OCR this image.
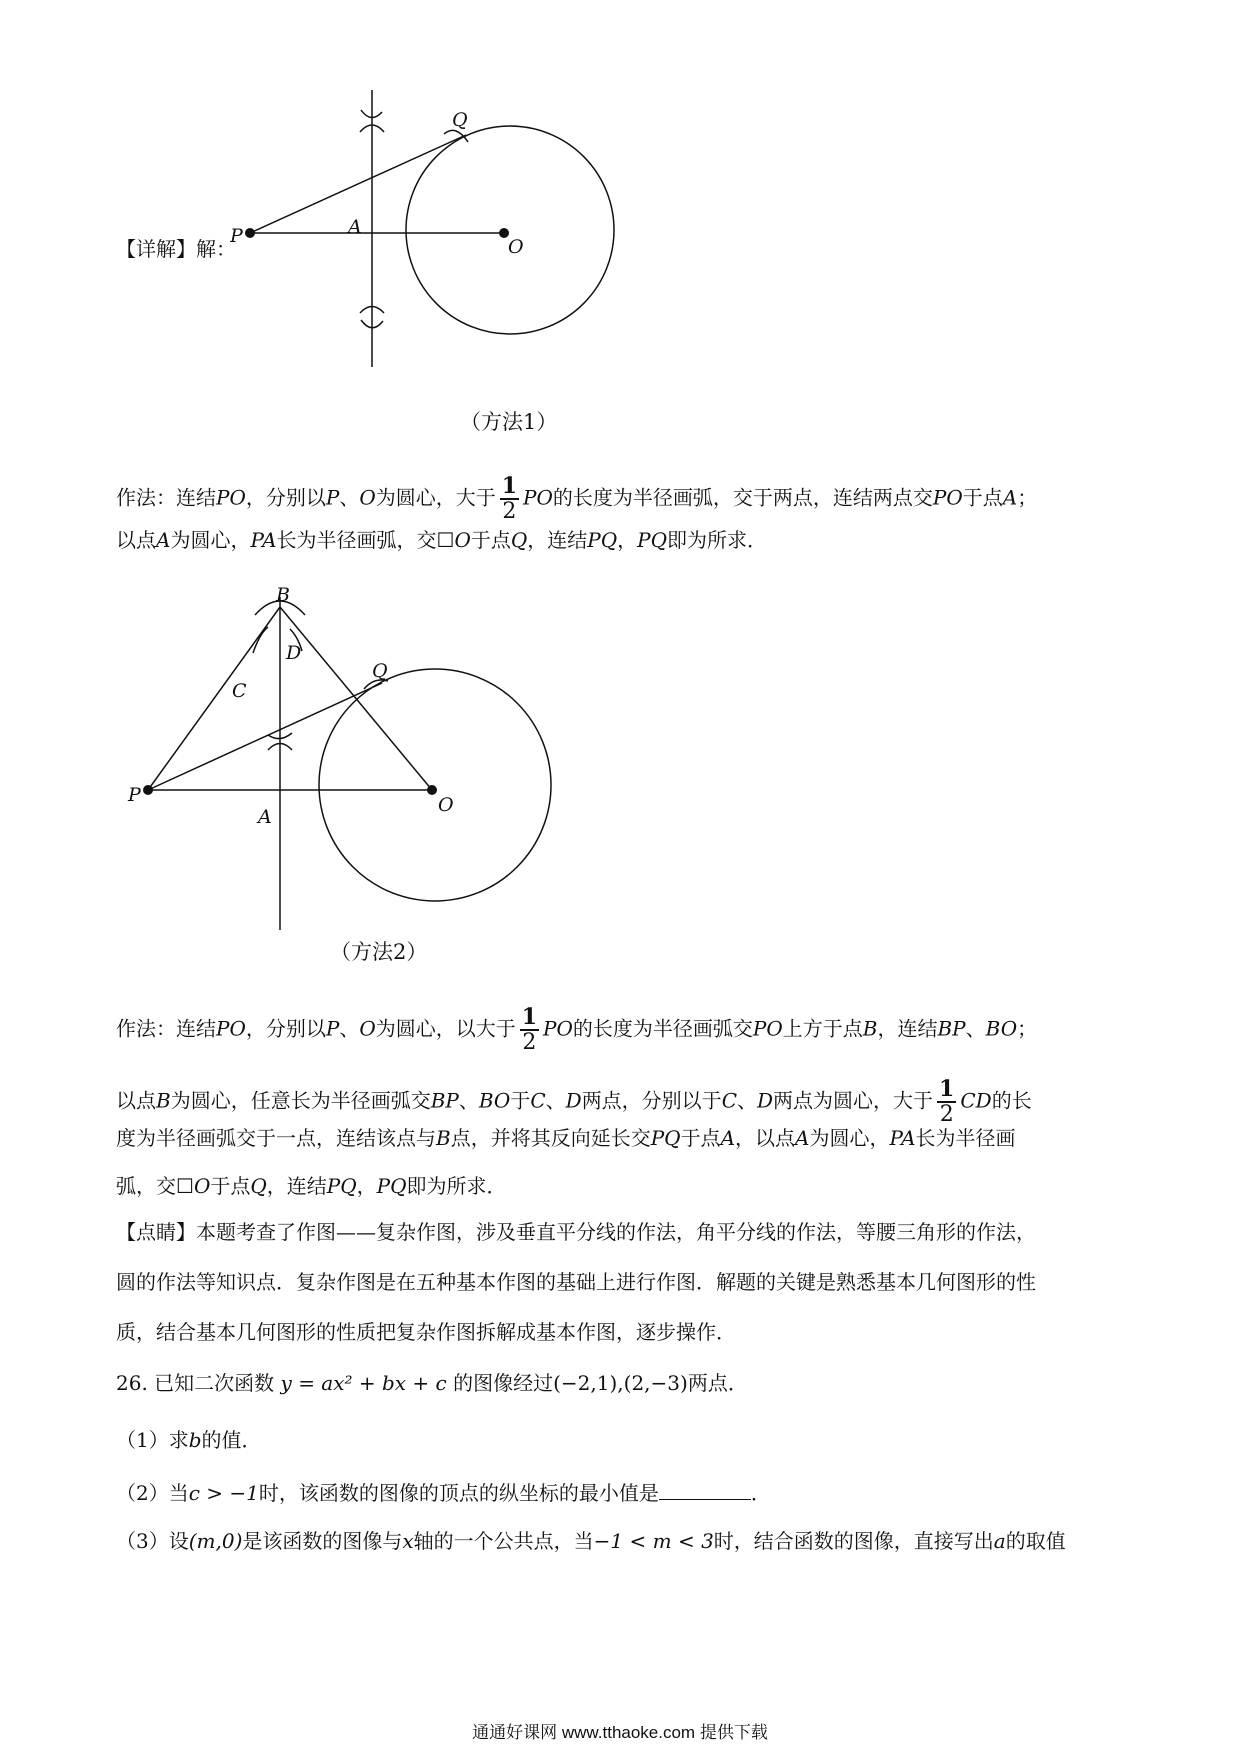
【详解】解：
P	A
O
Q
（方法1）
作法：连结PO，分别以P、O为圆心，大于 $\frac{1}{2}$ PO的长度为半径画弧，交于两点，连结两点交PO于点A；
以点A为圆心，PA长为半径画弧，交☐O于点Q，连结PQ，PQ即为所求．
B
C
D
Q
P
A
O
（方法2）
作法：连结PO，分别以P、O为圆心，以大于 $\frac{1}{2}$ PO的长度为半径画弧交PO上方于点B，连结BP、BO；
以点B为圆心，任意长为半径画弧交BP、BO于C、D两点，分别以于C、D两点为圆心，大于 $\frac{1}{2}$ CD的长
度为半径画弧交于一点，连结该点与B点，并将其反向延长交PQ于点A，以点A为圆心，PA长为半径画
弧，交☐O于点Q，连结PQ，PQ即为所求．
【点睛】本题考查了作图——复杂作图，涉及垂直平分线的作法，角平分线的作法，等腰三角形的作法，
圆的作法等知识点．复杂作图是在五种基本作图的基础上进行作图．解题的关键是熟悉基本几何图形的性
质，结合基本几何图形的性质把复杂作图拆解成基本作图，逐步操作．
26. 已知二次函数 y = ax² + bx + c 的图像经过(−2,1),(2,−3)两点．
（1）求b的值．
（2）当c > −1时，该函数的图像的顶点的纵坐标的最小值是	．
（3）设(m,0)是该函数的图像与x轴的一个公共点，当−1 < m < 3时，结合函数的图像，直接写出a的取值
通通好课网 www.tthaoke.com 提供下载
